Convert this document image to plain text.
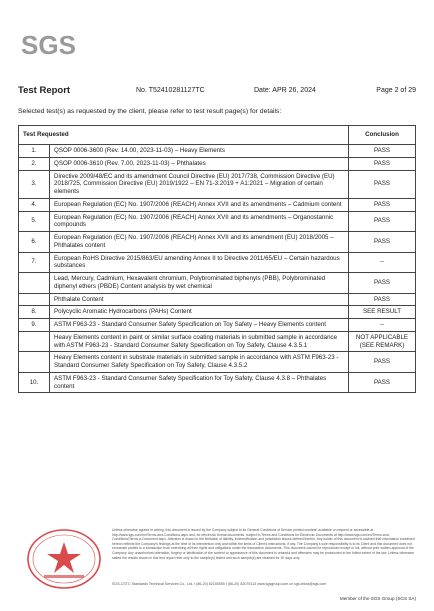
SGS
Test Report	No. T52410281127TC	Date: APR 26, 2024	Page 2 of 29
Selected test(s) as requested by the client, please refer to test result page(s) for details:
Test Requested		Conclusion
1.	QSOP 0006-3600 (Rev. 14.00, 2023-11-03) – Heavy Elements	PASS
2.	QSOP 0006-3610 (Rev. 7.00, 2023-11-03) – Phthalates	PASS
3.	Directive 2009/48/EC and its amendment Council Directive (EU) 2017/738, Commission Directive (EU) 2018/725, Commission Directive (EU) 2019/1922 – EN 71-3:2019 + A1:2021 – Migration of certain elements	PASS
4.	European Regulation (EC) No. 1907/2006 (REACH) Annex XVII and its amendments – Cadmium content	PASS
5.	European Regulation (EC) No. 1907/2006 (REACH) Annex XVII and its amendments – Organostannic compounds	PASS
6.	European Regulation (EC) No. 1907/2006 (REACH) Annex XVII and its amendment (EU) 2018/2005 – Phthalates content	PASS
7.	European RoHS Directive 2015/863/EU amending Annex II to Directive 2011/65/EU – Certain hazardous substances	--
	Lead, Mercury, Cadmium, Hexavalent chromium, Polybrominated biphenyls (PBB), Polybrominated diphenyl ethers (PBDE) Content analysis by wet chemical	PASS
	Phthalate Content	PASS
8.	Polycyclic Aromatic Hydrocarbons (PAHs) Content	SEE RESULT
9.	ASTM F963-23 - Standard Consumer Safety Specification on Toy Safety – Heavy Elements content	--
	Heavy Elements content in paint or similar surface coating materials in submitted sample in accordance with ASTM F963-23 - Standard Consumer Safety Specification on Toy Safety, Clause 4.3.5.1	NOT APPLICABLE (SEE REMARK)
	Heavy Elements content in substrate materials in submitted sample in accordance with ASTM F963-23 - Standard Consumer Safety Specification on Toy Safety, Clause 4.3.5.2	PASS
10.	ASTM F963-23 - Standard Consumer Safety Specification for Toy Safety, Clause 4.3.8 – Phthalates content	PASS
Unless otherwise agreed in writing, this document is issued by the Company subject to its General Conditions of Service printed overleaf, available on request or accessible at http://www.sgs.com/en/Terms-and-Conditions.aspx and, for electronic format documents, subject to Terms and Conditions for Electronic Documents at http://www.sgs.com/en/Terms-and-Conditions/Terms-e-Document.aspx. Attention is drawn to the limitation of liability, indemnification and jurisdiction issues defined therein. Any holder of this document is advised that information contained hereon reflects the Company's findings at the time of its intervention only and within the limits of Client's instructions, if any. The Company's sole responsibility is to its Client and this document does not exonerate parties to a transaction from exercising all their rights and obligations under the transaction documents. This document cannot be reproduced except in full, without prior written approval of the Company. Any unauthorized alteration, forgery or falsification of the content or appearance of this document is unlawful and offenders may be prosecuted to the fullest extent of the law. Unless otherwise stated the results shown in this test report refer only to the sample(s) tested and such sample(s) are retained for 30 days only.
SGS-CSTC Standards Technical Services Co., Ltd. t (86-20) 82155555 f (86-20) 82075113 www.sgsgroup.com.cn sgs.china@sgs.com
Member of the SGS Group (SGS SA)
